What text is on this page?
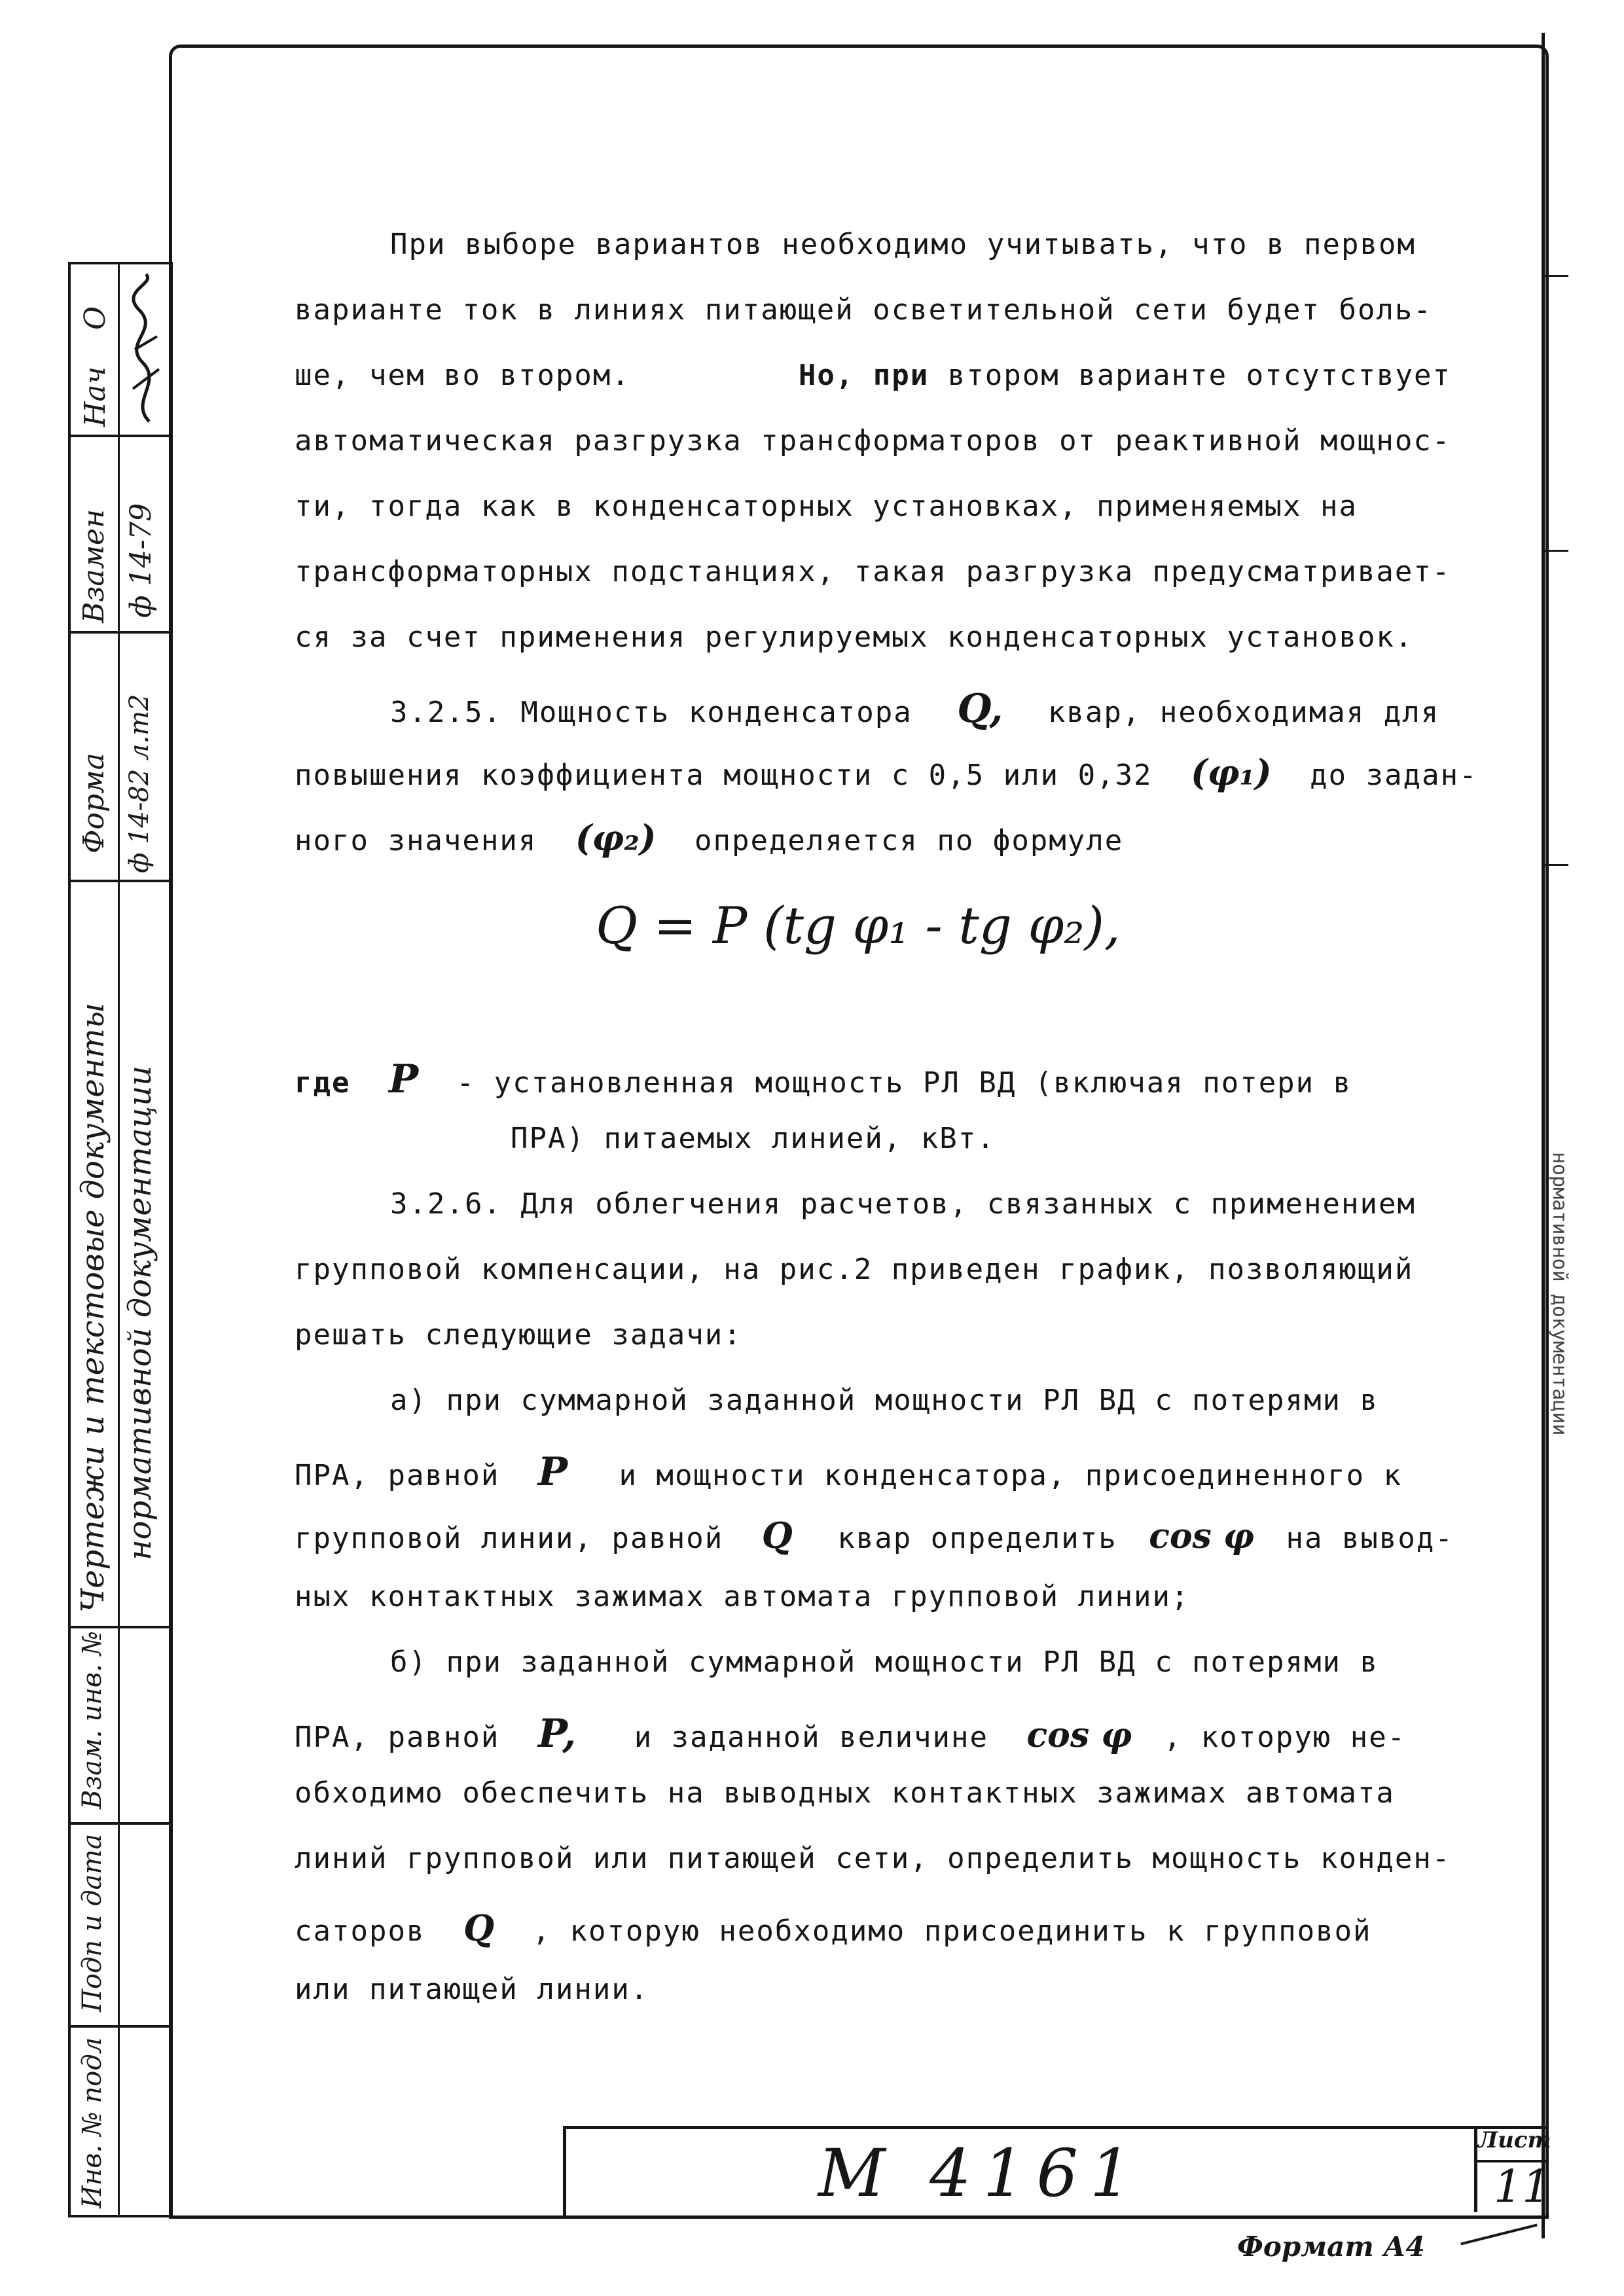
Нач
О
Взамен ф 14-79
Форма ф 14-82 л.т2
Чертежи и текстовые документы нормативной документации
Взам. инв. №
Подп и дата
Инв. № подл
нормативной документации
При выборе вариантов необходимо учитывать, что в первом
варианте ток в линиях питающей осветительной сети будет боль-
ше, чем во втором.	Но, при втором варианте отсутствует
автоматическая разгрузка трансформаторов от реактивной мощнос-
ти, тогда как в конденсаторных установках, применяемых на
трансформаторных подстанциях, такая разгрузка предусматривает-
ся за счет применения регулируемых конденсаторных установок.
3.2.5. Мощность конденсатора Q, квар, необходимая для
повышения коэффициента мощности с 0,5 или 0,32 (φ₁) до задан-
ного значения (φ₂) определяется по формуле
Q = P (tg φ₁ - tg φ₂),
где P - установленная мощность РЛ ВД (включая потери в
ПРА) питаемых линией, кВт.
3.2.6. Для облегчения расчетов, связанных с применением
групповой компенсации, на рис.2 приведен график, позволяющий
решать следующие задачи:
а) при суммарной заданной мощности РЛ ВД с потерями в
ПРА, равной P и мощности конденсатора, присоединенного к
групповой линии, равной Q квар определить cos φ на вывод-
ных контактных зажимах автомата групповой линии;
б) при заданной суммарной мощности РЛ ВД с потерями в
ПРА, равной P, и заданной величине cos φ , которую не-
обходимо обеспечить на выводных контактных зажимах автомата
линий групповой или питающей сети, определить мощность конден-
саторов Q , которую необходимо присоединить к групповой
или питающей линии.
М 4161	Лист
11
Формат А4
